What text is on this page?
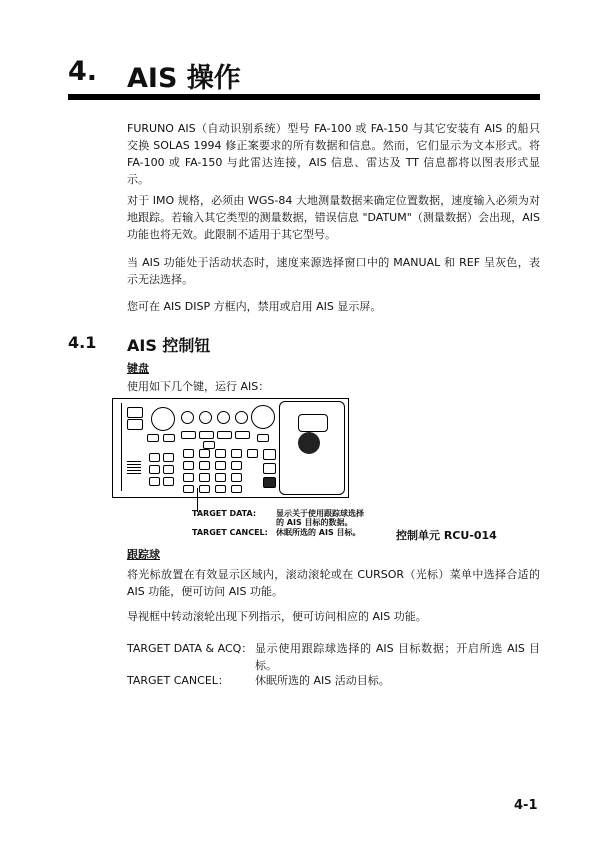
4. AIS 操作
FURUNO AIS（自动识别系统）型号 FA-100 或 FA-150 与其它安装有 AIS 的船只交换 SOLAS 1994 修正案要求的所有数据和信息。然而，它们显示为文本形式。将 FA-100 或 FA-150 与此雷达连接，AIS 信息、雷达及 TT 信息都将以图表形式显示。
对于 IMO 规格，必须由 WGS-84 大地测量数据来确定位置数据，速度输入必须为对地跟踪。若输入其它类型的测量数据，错误信息 "DATUM"（测量数据）会出现，AIS 功能也将无效。此限制不适用于其它型号。
当 AIS 功能处于活动状态时，速度来源选择窗口中的 MANUAL 和 REF 呈灰色，表示无法选择。
您可在 AIS DISP 方框内，禁用或启用 AIS 显示屏。
4.1 AIS 控制钮
键盘
使用如下几个键，运行 AIS：
TARGET DATA: 显示关于使用跟踪球选择
的 AIS 目标的数据。
TARGET CANCEL: 休眠所选的 AIS 目标。	控制单元 RCU-014
跟踪球
将光标放置在有效显示区域内，滚动滚轮或在 CURSOR（光标）菜单中选择合适的 AIS 功能，便可访问 AIS 功能。
导视框中转动滚轮出现下列指示，便可访问相应的 AIS 功能。
TARGET DATA & ACQ： 显示使用跟踪球选择的 AIS 目标数据；开启所选 AIS 目标。
TARGET CANCEL：	休眠所选的 AIS 活动目标。
4-1
